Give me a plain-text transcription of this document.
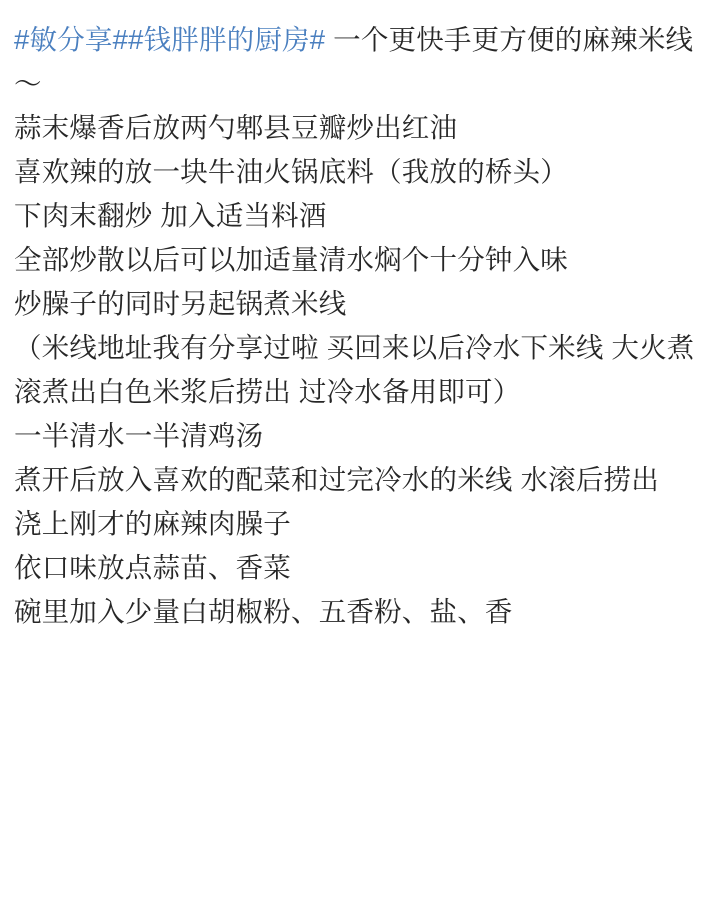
#敏分享##钱胖胖的厨房# 一个更快手更方便的麻辣米线～
蒜末爆香后放两勺郫县豆瓣炒出红油
喜欢辣的放一块牛油火锅底料（我放的桥头）
下肉末翻炒 加入适当料酒
全部炒散以后可以加适量清水焖个十分钟入味
炒臊子的同时另起锅煮米线
（米线地址我有分享过啦 买回来以后冷水下米线 大火煮滚煮出白色米浆后捞出 过冷水备用即可）
一半清水一半清鸡汤
煮开后放入喜欢的配菜和过完冷水的米线 水滚后捞出
浇上刚才的麻辣肉臊子
依口味放点蒜苗、香菜
碗里加入少量白胡椒粉、五香粉、盐、香
